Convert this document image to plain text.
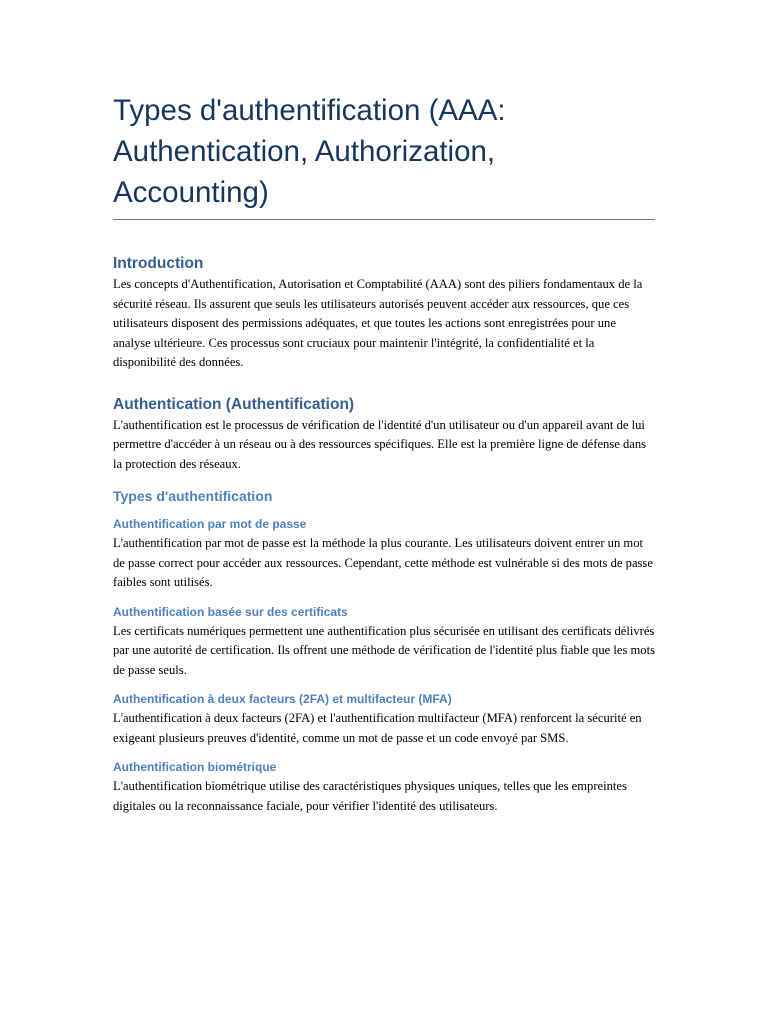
Types d'authentification (AAA: Authentication, Authorization, Accounting)
Introduction

Les concepts d'Authentification, Autorisation et Comptabilité (AAA) sont des piliers fondamentaux de la sécurité réseau. Ils assurent que seuls les utilisateurs autorisés peuvent accéder aux ressources, que ces utilisateurs disposent des permissions adéquates, et que toutes les actions sont enregistrées pour une analyse ultérieure. Ces processus sont cruciaux pour maintenir l'intégrité, la confidentialité et la disponibilité des données.

Authentication (Authentification)

L'authentification est le processus de vérification de l'identité d'un utilisateur ou d'un appareil avant de lui permettre d'accéder à un réseau ou à des ressources spécifiques. Elle est la première ligne de défense dans la protection des réseaux.

Types d'authentification
Authentification par mot de passe

L'authentification par mot de passe est la méthode la plus courante. Les utilisateurs doivent entrer un mot de passe correct pour accéder aux ressources. Cependant, cette méthode est vulnérable si des mots de passe faibles sont utilisés.

Authentification basée sur des certificats

Les certificats numériques permettent une authentification plus sécurisée en utilisant des certificats délivrés par une autorité de certification. Ils offrent une méthode de vérification de l'identité plus fiable que les mots de passe seuls.

Authentification à deux facteurs (2FA) et multifacteur (MFA)

L'authentification à deux facteurs (2FA) et l'authentification multifacteur (MFA) renforcent la sécurité en exigeant plusieurs preuves d'identité, comme un mot de passe et un code envoyé par SMS.

Authentification biométrique

L'authentification biométrique utilise des caractéristiques physiques uniques, telles que les empreintes digitales ou la reconnaissance faciale, pour vérifier l'identité des utilisateurs.
